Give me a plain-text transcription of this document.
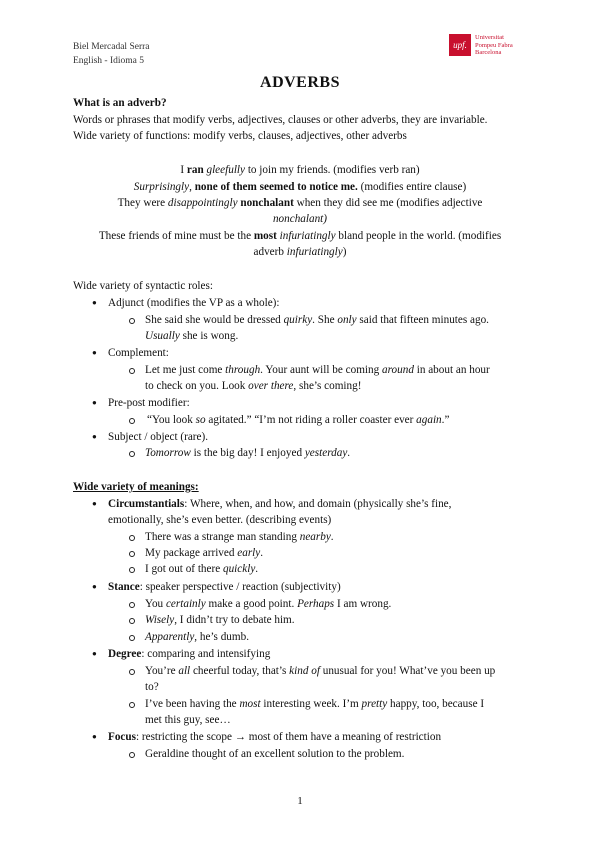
Biel Mercadal Serra
English - Idioma 5
upf.
Universitat
Pompeu Fabra
Barcelona
ADVERBS
What is an adverb?
Words or phrases that modify verbs, adjectives, clauses or other adverbs, they are invariable.
Wide variety of functions: modify verbs, clauses, adjectives, other adverbs
I ran gleefully to join my friends. (modifies verb ran)
Surprisingly, none of them seemed to notice me. (modifies entire clause)
They were disappointingly nonchalant when they did see me (modifies adjective
nonchalant)
These friends of mine must be the most infuriatingly bland people in the world. (modifies
adverb infuriatingly)
Wide variety of syntactic roles:
● Adjunct (modifies the VP as a whole):
She said she would be dressed quirky. She only said that fifteen minutes ago.
Usually she is wong.
● Complement:
Let me just come through. Your aunt will be coming around in about an hour
to check on you. Look over there, she’s coming!
● Pre-post modifier:
“You look so agitated.” “I’m not riding a roller coaster ever again.”
● Subject / object (rare).
Tomorrow is the big day! I enjoyed yesterday.
Wide variety of meanings:
● Circumstantials: Where, when, and how, and domain (physically she’s fine,
emotionally, she’s even better. (describing events)
There was a strange man standing nearby.
My package arrived early.
I got out of there quickly.
● Stance: speaker perspective / reaction (subjectivity)
You certainly make a good point. Perhaps I am wrong.
Wisely, I didn’t try to debate him.
Apparently, he’s dumb.
● Degree: comparing and intensifying
You’re all cheerful today, that’s kind of unusual for you! What’ve you been up
to?
I’ve been having the most interesting week. I’m pretty happy, too, because I
met this guy, see…
● Focus: restricting the scope → most of them have a meaning of restriction
Geraldine thought of an excellent solution to the problem.
1
